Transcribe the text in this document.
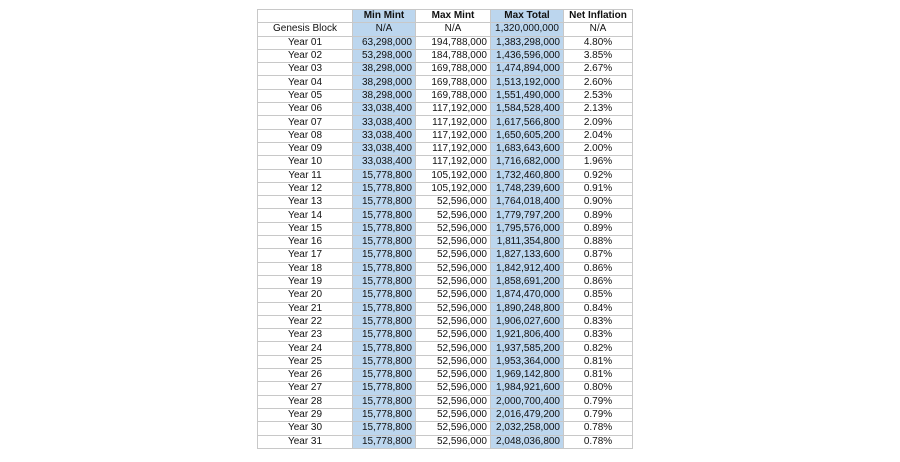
	Min Mint	Max Mint	Max Total	Net Inflation
Genesis Block	N/A	N/A	1,320,000,000	N/A
Year 01	63,298,000	194,788,000	1,383,298,000	4.80%
Year 02	53,298,000	184,788,000	1,436,596,000	3.85%
Year 03	38,298,000	169,788,000	1,474,894,000	2.67%
Year 04	38,298,000	169,788,000	1,513,192,000	2.60%
Year 05	38,298,000	169,788,000	1,551,490,000	2.53%
Year 06	33,038,400	117,192,000	1,584,528,400	2.13%
Year 07	33,038,400	117,192,000	1,617,566,800	2.09%
Year 08	33,038,400	117,192,000	1,650,605,200	2.04%
Year 09	33,038,400	117,192,000	1,683,643,600	2.00%
Year 10	33,038,400	117,192,000	1,716,682,000	1.96%
Year 11	15,778,800	105,192,000	1,732,460,800	0.92%
Year 12	15,778,800	105,192,000	1,748,239,600	0.91%
Year 13	15,778,800	52,596,000	1,764,018,400	0.90%
Year 14	15,778,800	52,596,000	1,779,797,200	0.89%
Year 15	15,778,800	52,596,000	1,795,576,000	0.89%
Year 16	15,778,800	52,596,000	1,811,354,800	0.88%
Year 17	15,778,800	52,596,000	1,827,133,600	0.87%
Year 18	15,778,800	52,596,000	1,842,912,400	0.86%
Year 19	15,778,800	52,596,000	1,858,691,200	0.86%
Year 20	15,778,800	52,596,000	1,874,470,000	0.85%
Year 21	15,778,800	52,596,000	1,890,248,800	0.84%
Year 22	15,778,800	52,596,000	1,906,027,600	0.83%
Year 23	15,778,800	52,596,000	1,921,806,400	0.83%
Year 24	15,778,800	52,596,000	1,937,585,200	0.82%
Year 25	15,778,800	52,596,000	1,953,364,000	0.81%
Year 26	15,778,800	52,596,000	1,969,142,800	0.81%
Year 27	15,778,800	52,596,000	1,984,921,600	0.80%
Year 28	15,778,800	52,596,000	2,000,700,400	0.79%
Year 29	15,778,800	52,596,000	2,016,479,200	0.79%
Year 30	15,778,800	52,596,000	2,032,258,000	0.78%
Year 31	15,778,800	52,596,000	2,048,036,800	0.78%
